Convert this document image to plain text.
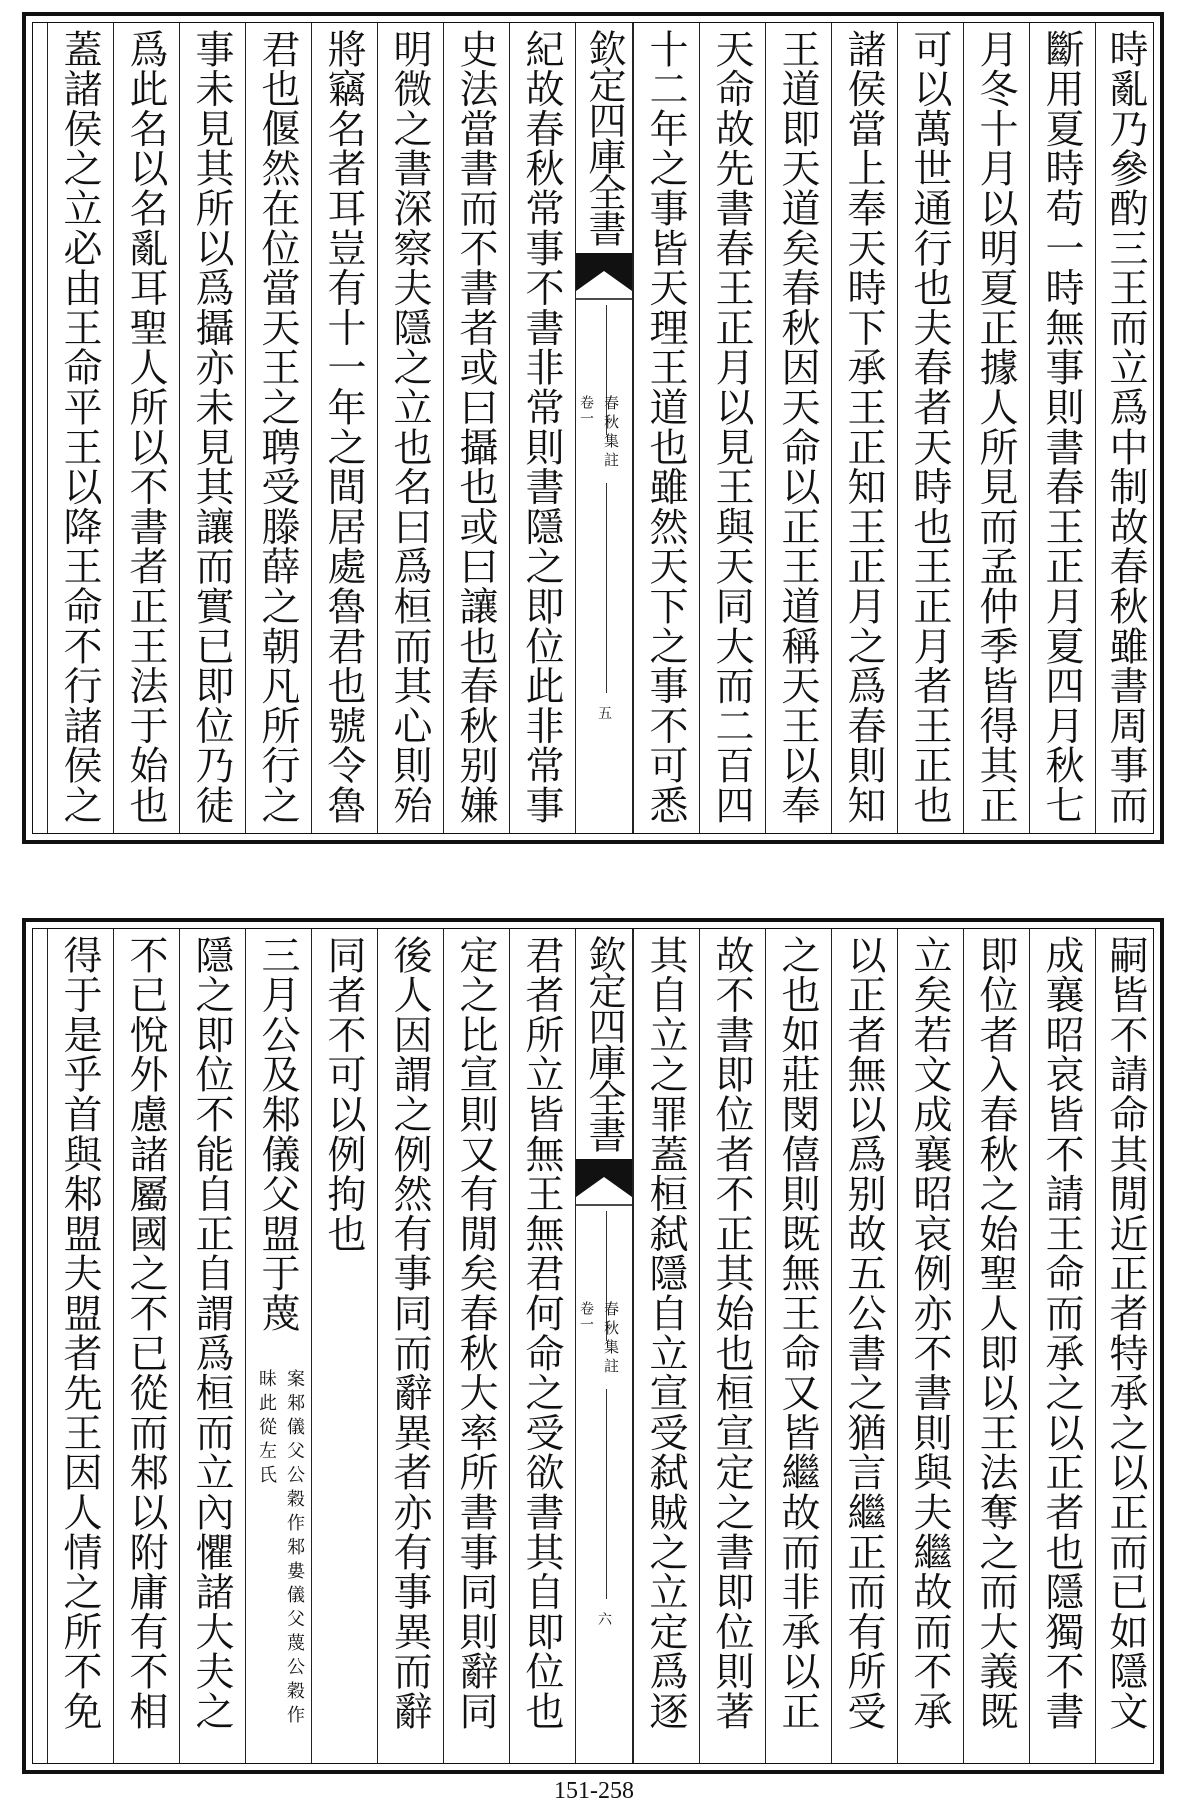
時亂乃參酌三王而立爲中制故春秋雖書周事而
斷用夏時苟一時無事則書春王正月夏四月秋七
月冬十月以明夏正據人所見而孟仲季皆得其正
可以萬世通行也夫春者天時也王正月者王正也
諸侯當上奉天時下承王正知王正月之爲春則知
王道即天道矣春秋因天命以正王道稱天王以奉
天命故先書春王正月以見王與天同大而二百四
十二年之事皆天理王道也雖然天下之事不可悉
欽定四庫全書
春秋集註
卷一
五
紀故春秋常事不書非常則書隱之即位此非常事
史法當書而不書者或曰攝也或曰讓也春秋别嫌
明微之書深察夫隱之立也名曰爲桓而其心則殆
將竊名者耳豈有十一年之間居處魯君也號令魯
君也偃然在位當天王之聘受滕薛之朝凡所行之
事未見其所以爲攝亦未見其讓而實已即位乃徒
爲此名以名亂耳聖人所以不書者正王法于始也
蓋諸侯之立必由王命平王以降王命不行諸侯之
嗣皆不請命其閒近正者特承之以正而已如隱文
成襄昭哀皆不請王命而承之以正者也隱獨不書
即位者入春秋之始聖人即以王法奪之而大義既
立矣若文成襄昭哀例亦不書則與夫繼故而不承
以正者無以爲别故五公書之猶言繼正而有所受
之也如莊閔僖則既無王命又皆繼故而非承以正
故不書即位者不正其始也桓宣定之書即位則著
其自立之罪蓋桓弑隱自立宣受弑賊之立定爲逐
欽定四庫全書
春秋集註
卷一
六
君者所立皆無王無君何命之受欲書其自即位也
定之比宣則又有閒矣春秋大率所書事同則辭同
後人因謂之例然有事同而辭異者亦有事異而辭
同者不可以例拘也
三月公及邾儀父盟于蔑
案邾儀父公穀作邾婁儀父蔑公穀作昧此從左氏
隱之即位不能自正自謂爲桓而立內懼諸大夫之
不已悅外慮諸屬國之不已從而邾以附庸有不相
得于是乎首與邾盟夫盟者先王因人情之所不免
151-258
